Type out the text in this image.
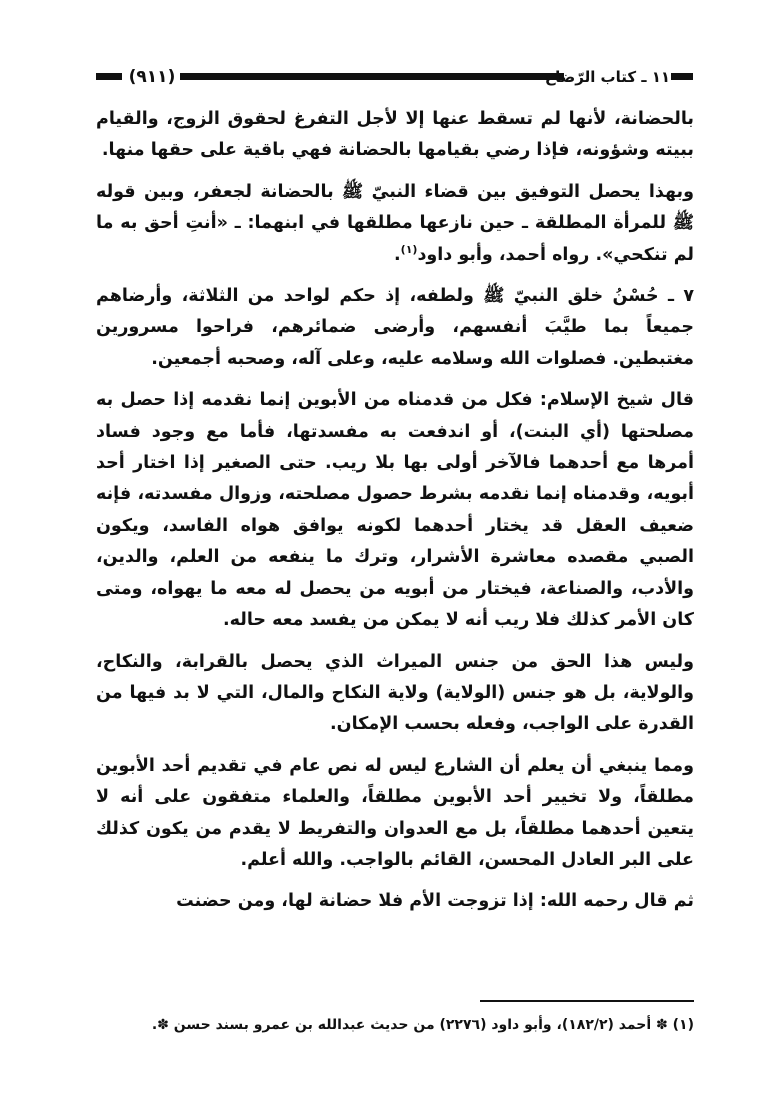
(٩١١)	١١ ـ كتاب الرّضاع

بالحضانة، لأنها لم تسقط عنها إلا لأجل التفرغ لحقوق الزوج، والقيام ببيته وشؤونه، فإذا رضي بقيامها بالحضانة فهي باقية على حقها منها.

وبهذا يحصل التوفيق بين قضاء النبيّ ﷺ بالحضانة لجعفر، وبين قوله ﷺ للمرأة المطلقة ـ حين نازعها مطلقها في ابنهما: ـ «أنتِ أحق به ما لم تنكحي». رواه أحمد، وأبو داود$^{(١)}$.

٧ ـ حُسْنُ خلق النبيّ ﷺ ولطفه، إذ حكم لواحد من الثلاثة، وأرضاهم جميعاً بما طيَّبَ أنفسهم، وأرضى ضمائرهم، فراحوا مسرورين مغتبطين. فصلوات الله وسلامه عليه، وعلى آله، وصحبه أجمعين.

قال شيخ الإسلام: فكل من قدمناه من الأبوين إنما نقدمه إذا حصل به مصلحتها (أي البنت)، أو اندفعت به مفسدتها، فأما مع وجود فساد أمرها مع أحدهما فالآخر أولى بها بلا ريب. حتى الصغير إذا اختار أحد أبويه، وقدمناه إنما نقدمه بشرط حصول مصلحته، وزوال مفسدته، فإنه ضعيف العقل قد يختار أحدهما لكونه يوافق هواه الفاسد، ويكون الصبي مقصده معاشرة الأشرار، وترك ما ينفعه من العلم، والدين، والأدب، والصناعة، فيختار من أبويه من يحصل له معه ما يهواه، ومتى كان الأمر كذلك فلا ريب أنه لا يمكن من يفسد معه حاله.

وليس هذا الحق من جنس الميراث الذي يحصل بالقرابة، والنكاح، والولاية، بل هو جنس (الولاية) ولاية النكاح والمال، التي لا بد فيها من القدرة على الواجب، وفعله بحسب الإمكان.

ومما ينبغي أن يعلم أن الشارع ليس له نص عام في تقديم أحد الأبوين مطلقاً، ولا تخيير أحد الأبوين مطلقاً، والعلماء متفقون على أنه لا يتعين أحدهما مطلقاً، بل مع العدوان والتفريط لا يقدم من يكون كذلك على البر العادل المحسن، القائم بالواجب. والله أعلم.

ثم قال رحمه الله: إذا تزوجت الأم فلا حضانة لها، ومن حضنت

(١) ✽ أحمد (١٨٢/٢)، وأبو داود (٢٢٧٦) من حديث عبدالله بن عمرو بسند حسن ✽.
